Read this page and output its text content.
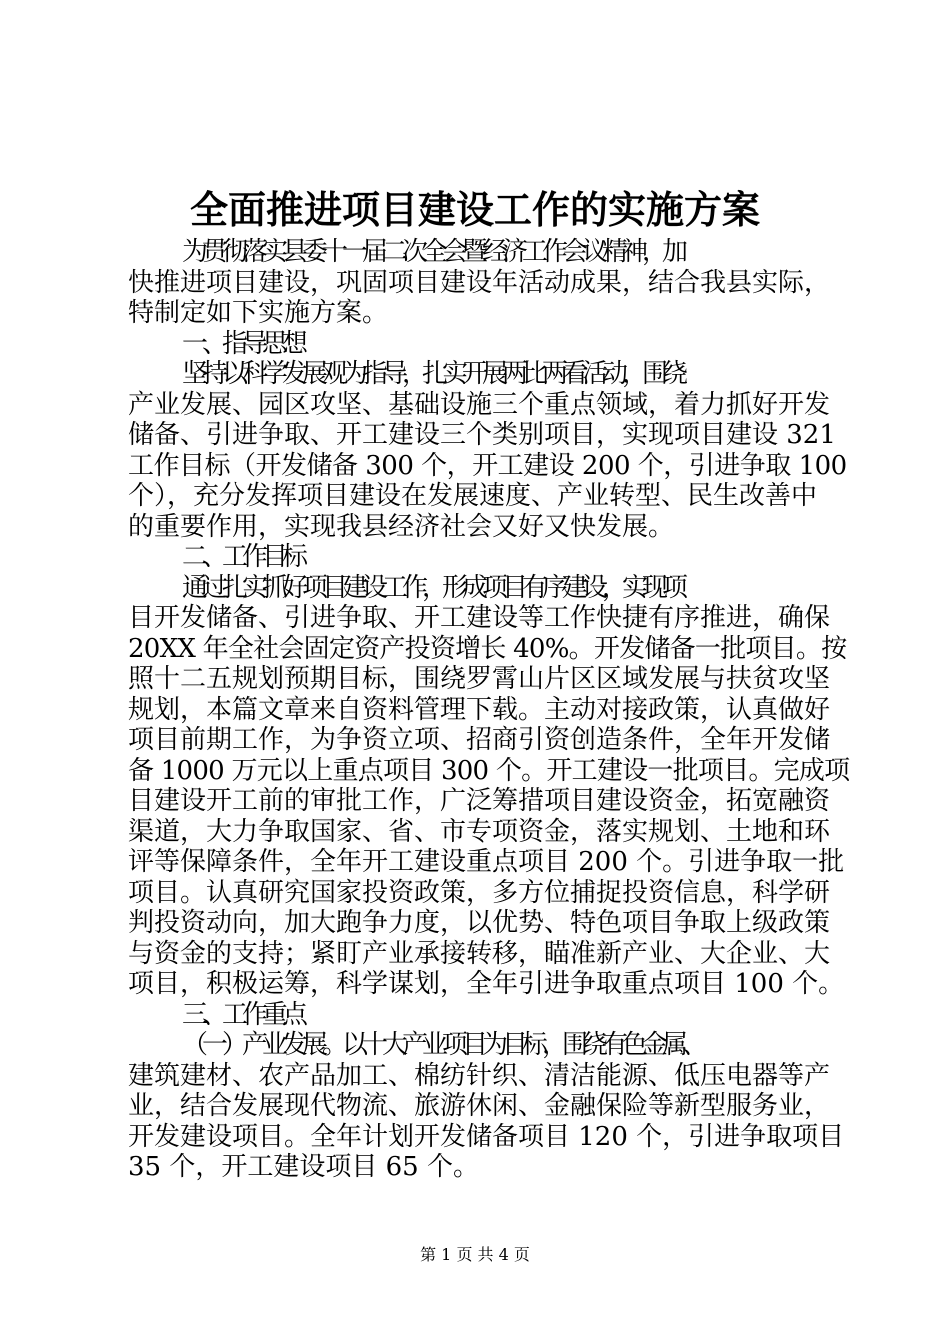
全面推进项目建设工作的实施方案
为贯彻落实县委十一届二次全会暨经济工作会议精神，加
快推进项目建设，巩固项目建设年活动成果，结合我县实际，
特制定如下实施方案。
一、指导思想
坚持以科学发展观为指导，扎实开展两比两看活动，围绕
产业发展、园区攻坚、基础设施三个重点领域，着力抓好开发
储备、引进争取、开工建设三个类别项目，实现项目建设 321
工作目标（开发储备 300 个，开工建设 200 个，引进争取 100
个），充分发挥项目建设在发展速度、产业转型、民生改善中
的重要作用，实现我县经济社会又好又快发展。
二、工作目标
通过扎实抓好项目建设工作，形成项目有序建设，实现项
目开发储备、引进争取、开工建设等工作快捷有序推进，确保
20XX 年全社会固定资产投资增长 40%。开发储备一批项目。按
照十二五规划预期目标，围绕罗霄山片区区域发展与扶贫攻坚
规划，本篇文章来自资料管理下载。主动对接政策，认真做好
项目前期工作，为争资立项、招商引资创造条件，全年开发储
备 1000 万元以上重点项目 300 个。开工建设一批项目。完成项
目建设开工前的审批工作，广泛筹措项目建设资金，拓宽融资
渠道，大力争取国家、省、市专项资金，落实规划、土地和环
评等保障条件，全年开工建设重点项目 200 个。引进争取一批
项目。认真研究国家投资政策，多方位捕捉投资信息，科学研
判投资动向，加大跑争力度，以优势、特色项目争取上级政策
与资金的支持；紧盯产业承接转移，瞄准新产业、大企业、大
项目，积极运筹，科学谋划，全年引进争取重点项目 100 个。
三、工作重点
（一）产业发展。以十大产业项目为目标，围绕有色金属、
建筑建材、农产品加工、棉纺针织、清洁能源、低压电器等产
业，结合发展现代物流、旅游休闲、金融保险等新型服务业，
开发建设项目。全年计划开发储备项目 120 个，引进争取项目
35 个，开工建设项目 65 个。
第 1 页 共 4 页
